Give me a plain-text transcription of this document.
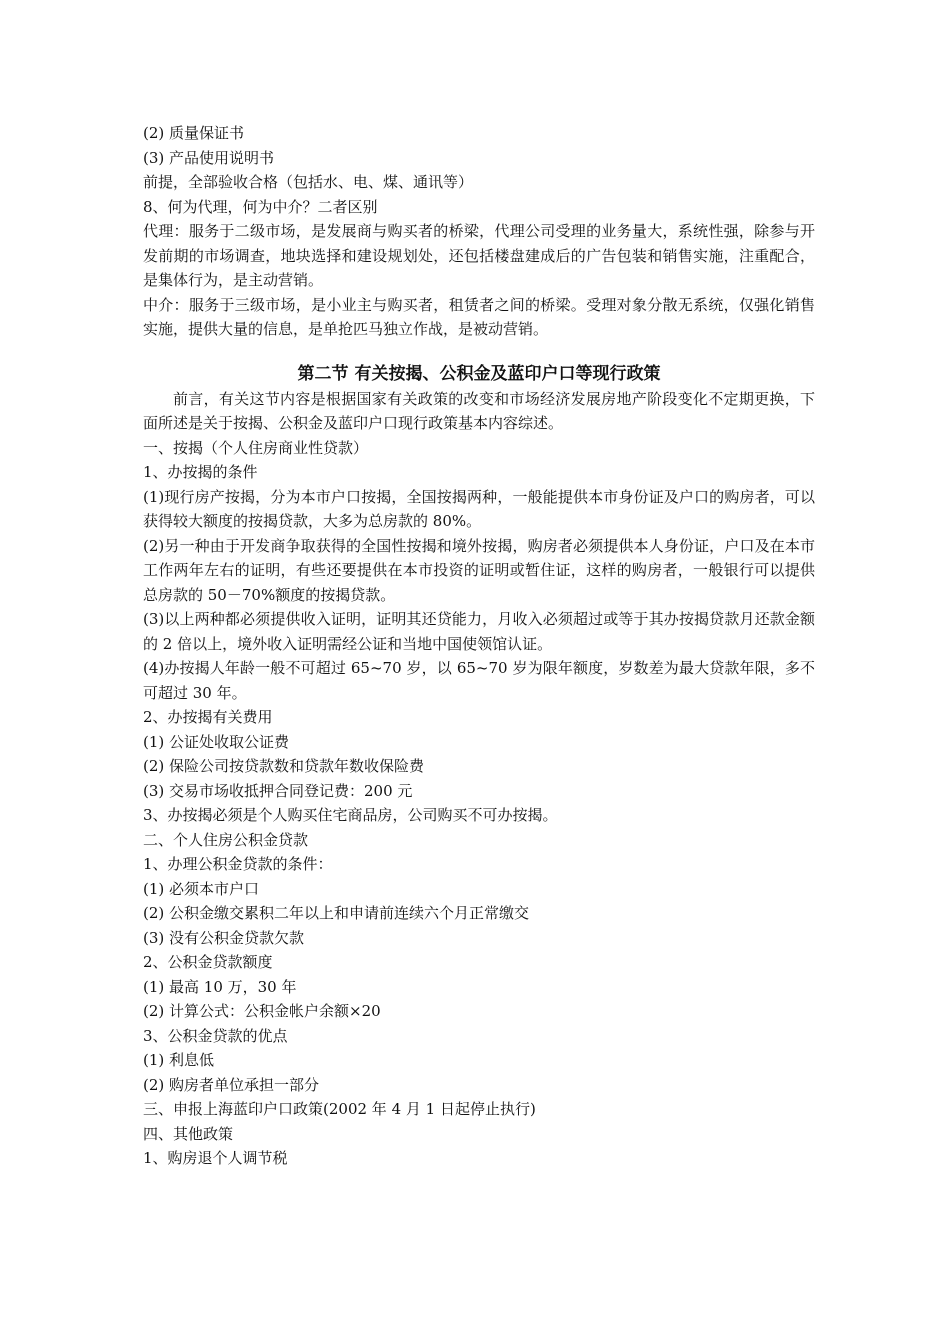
(2) 质量保证书

(3) 产品使用说明书

前提，全部验收合格（包括水、电、煤、通讯等）

8、何为代理，何为中介？二者区别

代理：服务于二级市场，是发展商与购买者的桥梁，代理公司受理的业务量大，系统性强，除参与开发前期的市场调查，地块选择和建设规划处，还包括楼盘建成后的广告包装和销售实施，注重配合，是集体行为，是主动营销。

中介：服务于三级市场，是小业主与购买者，租赁者之间的桥梁。受理对象分散无系统，仅强化销售实施，提供大量的信息，是单抢匹马独立作战，是被动营销。

第二节 有关按揭、公积金及蓝印户口等现行政策

前言，有关这节内容是根据国家有关政策的改变和市场经济发展房地产阶段变化不定期更换，下面所述是关于按揭、公积金及蓝印户口现行政策基本内容综述。

一、按揭（个人住房商业性贷款）

1、办按揭的条件

(1)现行房产按揭，分为本市户口按揭，全国按揭两种，一般能提供本市身份证及户口的购房者，可以获得较大额度的按揭贷款，大多为总房款的 80%。

(2)另一种由于开发商争取获得的全国性按揭和境外按揭，购房者必须提供本人身份证，户口及在本市工作两年左右的证明，有些还要提供在本市投资的证明或暂住证，这样的购房者，一般银行可以提供总房款的 50－70%额度的按揭贷款。

(3)以上两种都必须提供收入证明，证明其还贷能力，月收入必须超过或等于其办按揭贷款月还款金额的 2 倍以上，境外收入证明需经公证和当地中国使领馆认证。

(4)办按揭人年龄一般不可超过 65~70 岁，以 65~70 岁为限年额度，岁数差为最大贷款年限，多不可超过 30 年。

2、办按揭有关费用

(1) 公证处收取公证费

(2) 保险公司按贷款数和贷款年数收保险费

(3) 交易市场收抵押合同登记费：200 元

3、办按揭必须是个人购买住宅商品房，公司购买不可办按揭。

二、个人住房公积金贷款

1、办理公积金贷款的条件：

(1) 必须本市户口

(2) 公积金缴交累积二年以上和申请前连续六个月正常缴交

(3) 没有公积金贷款欠款

2、公积金贷款额度

(1) 最高 10 万，30 年

(2) 计算公式：公积金帐户余额×20

3、公积金贷款的优点

(1) 利息低

(2) 购房者单位承担一部分

三、申报上海蓝印户口政策(2002 年 4 月 1 日起停止执行)

四、其他政策

1、购房退个人调节税
